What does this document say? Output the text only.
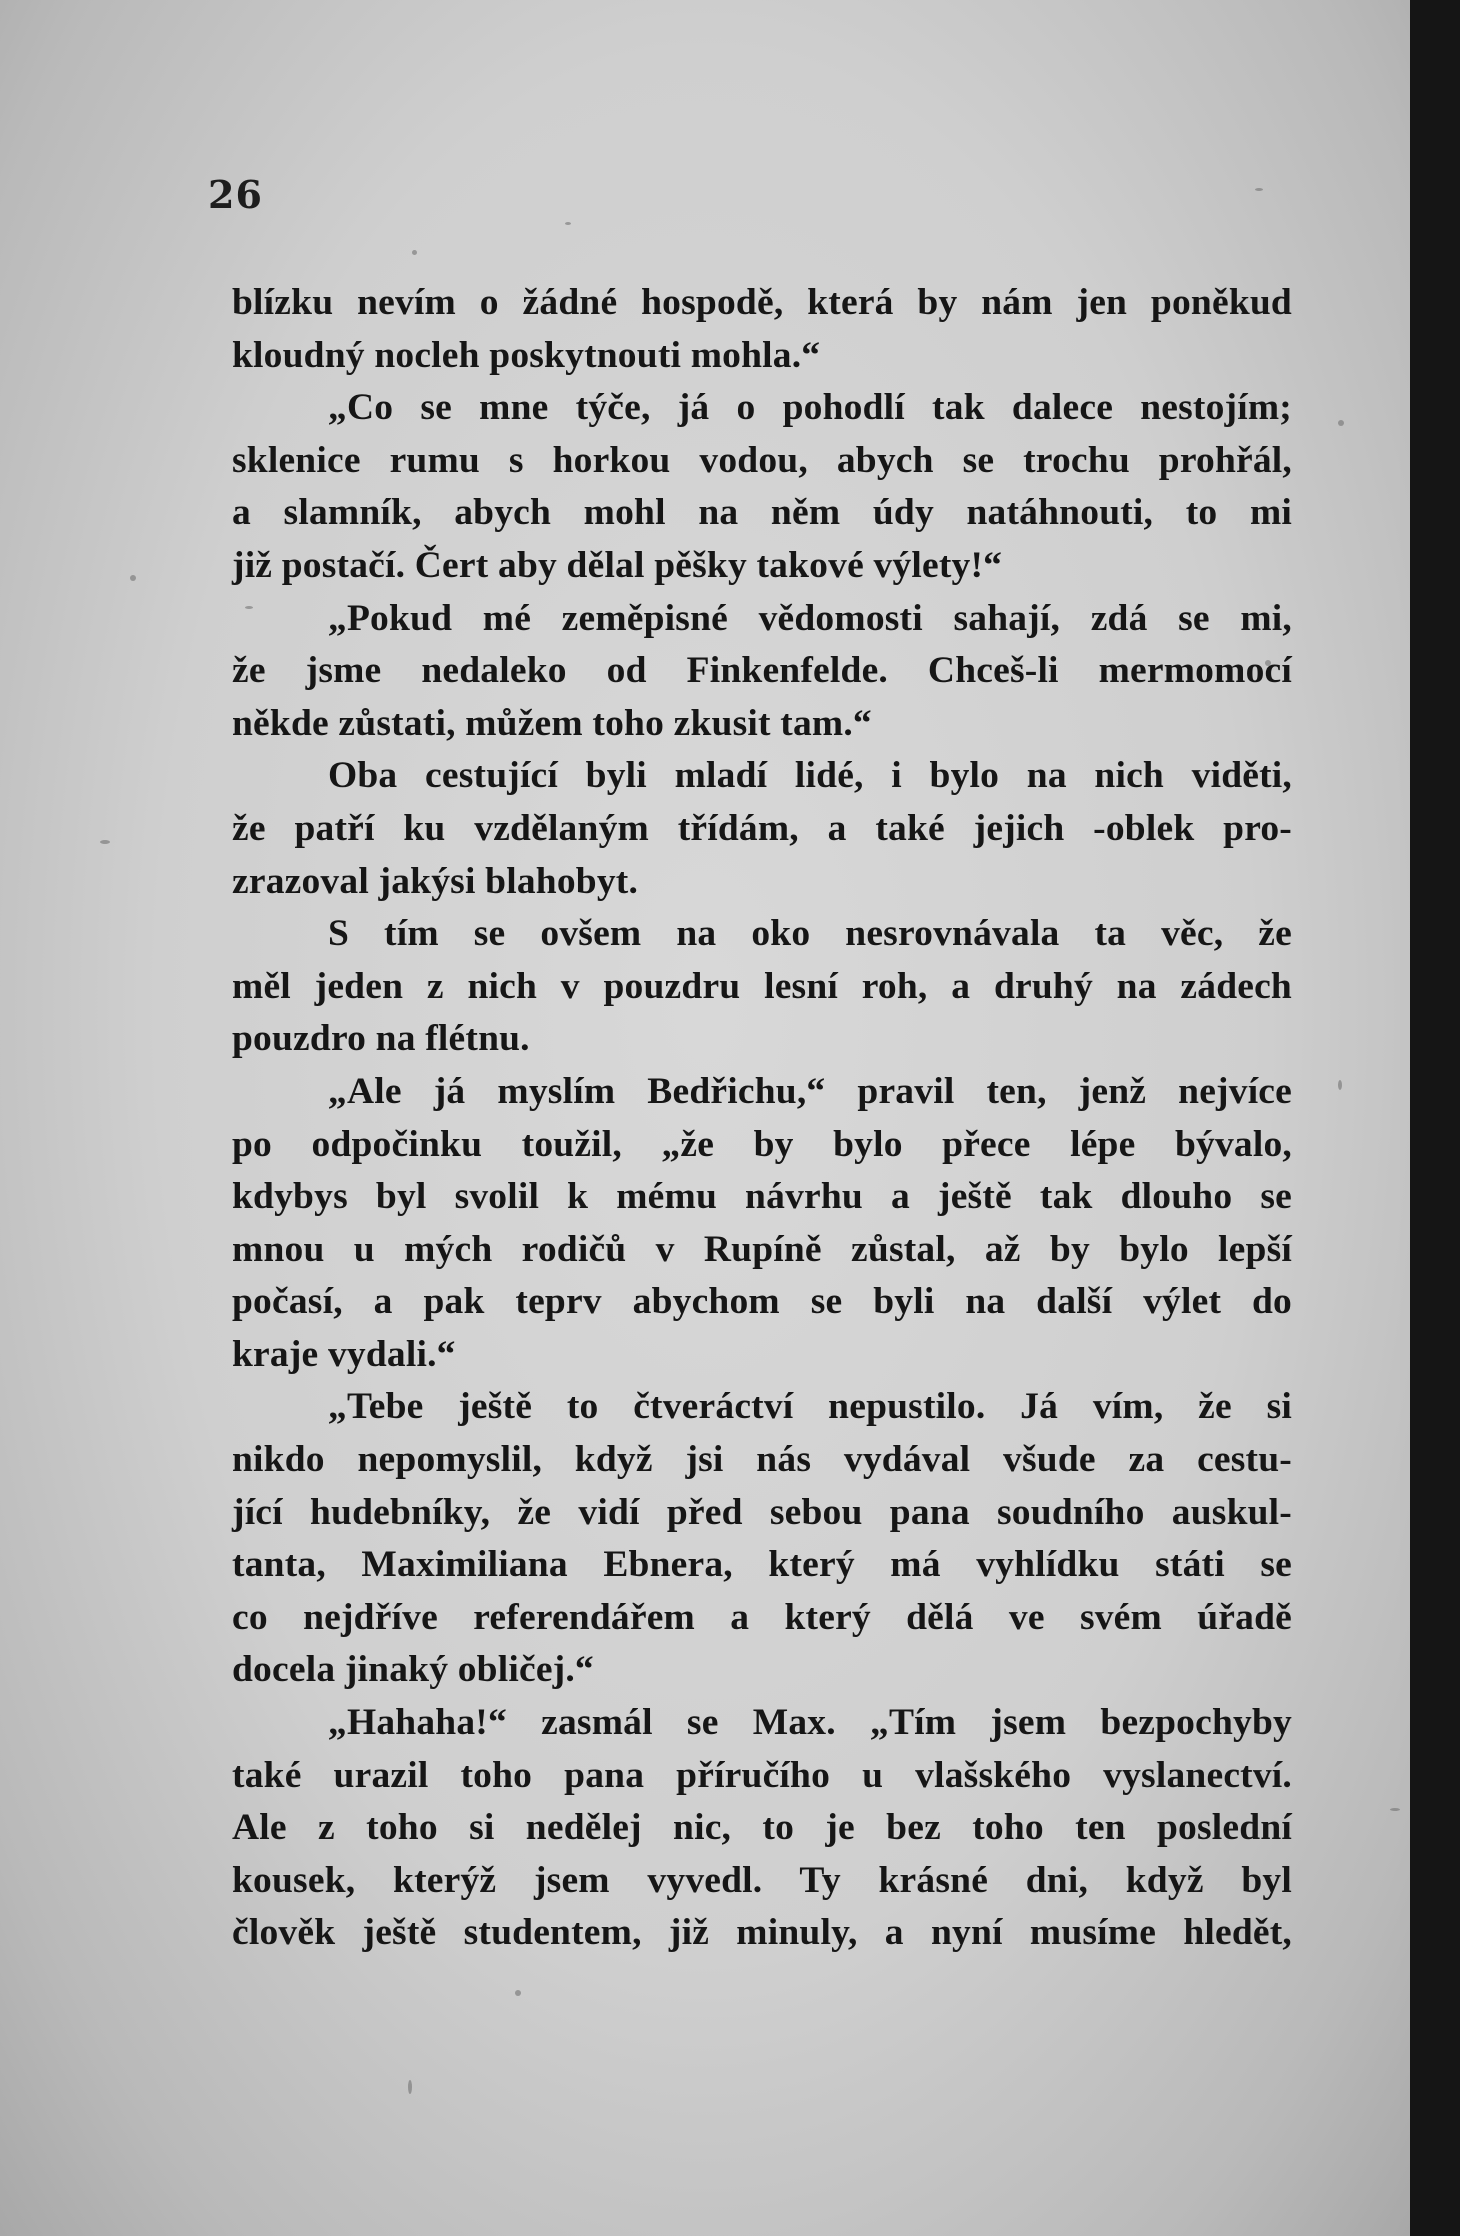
26
blízku nevím o žádné hospodě, která by nám jen poněkud
kloudný nocleh poskytnouti mohla.“
„Co se mne týče, já o pohodlí tak dalece nestojím;
sklenice rumu s horkou vodou, abych se trochu prohřál,
a slamník, abych mohl na něm údy natáhnouti, to mi
již postačí. Čert aby dělal pěšky takové výlety!“
„Pokud mé zeměpisné vědomosti sahají, zdá se mi,
že jsme nedaleko od Finkenfelde. Chceš-li mermomocí
někde zůstati, můžem toho zkusit tam.“
Oba cestující byli mladí lidé, i bylo na nich viděti,
že patří ku vzdělaným třídám, a také jejich -oblek pro-
zrazoval jakýsi blahobyt.
S tím se ovšem na oko nesrovnávala ta věc, že
měl jeden z nich v pouzdru lesní roh, a druhý na zádech
pouzdro na flétnu.
„Ale já myslím Bedřichu,“ pravil ten, jenž nejvíce
po odpočinku toužil, „že by bylo přece lépe bývalo,
kdybys byl svolil k mému návrhu a ještě tak dlouho se
mnou u mých rodičů v Rupíně zůstal, až by bylo lepší
počasí, a pak teprv abychom se byli na další výlet do
kraje vydali.“
„Tebe ještě to čtveráctví nepustilo. Já vím, že si
nikdo nepomyslil, když jsi nás vydával všude za cestu-
jící hudebníky, že vidí před sebou pana soudního auskul-
tanta, Maximiliana Ebnera, který má vyhlídku státi se
co nejdříve referendářem a který dělá ve svém úřadě
docela jinaký obličej.“
„Hahaha!“ zasmál se Max. „Tím jsem bezpochyby
také urazil toho pana příručího u vlašského vyslanectví.
Ale z toho si nedělej nic, to je bez toho ten poslední
kousek, kterýž jsem vyvedl. Ty krásné dni, když byl
člověk ještě studentem, již minuly, a nyní musíme hledět,
